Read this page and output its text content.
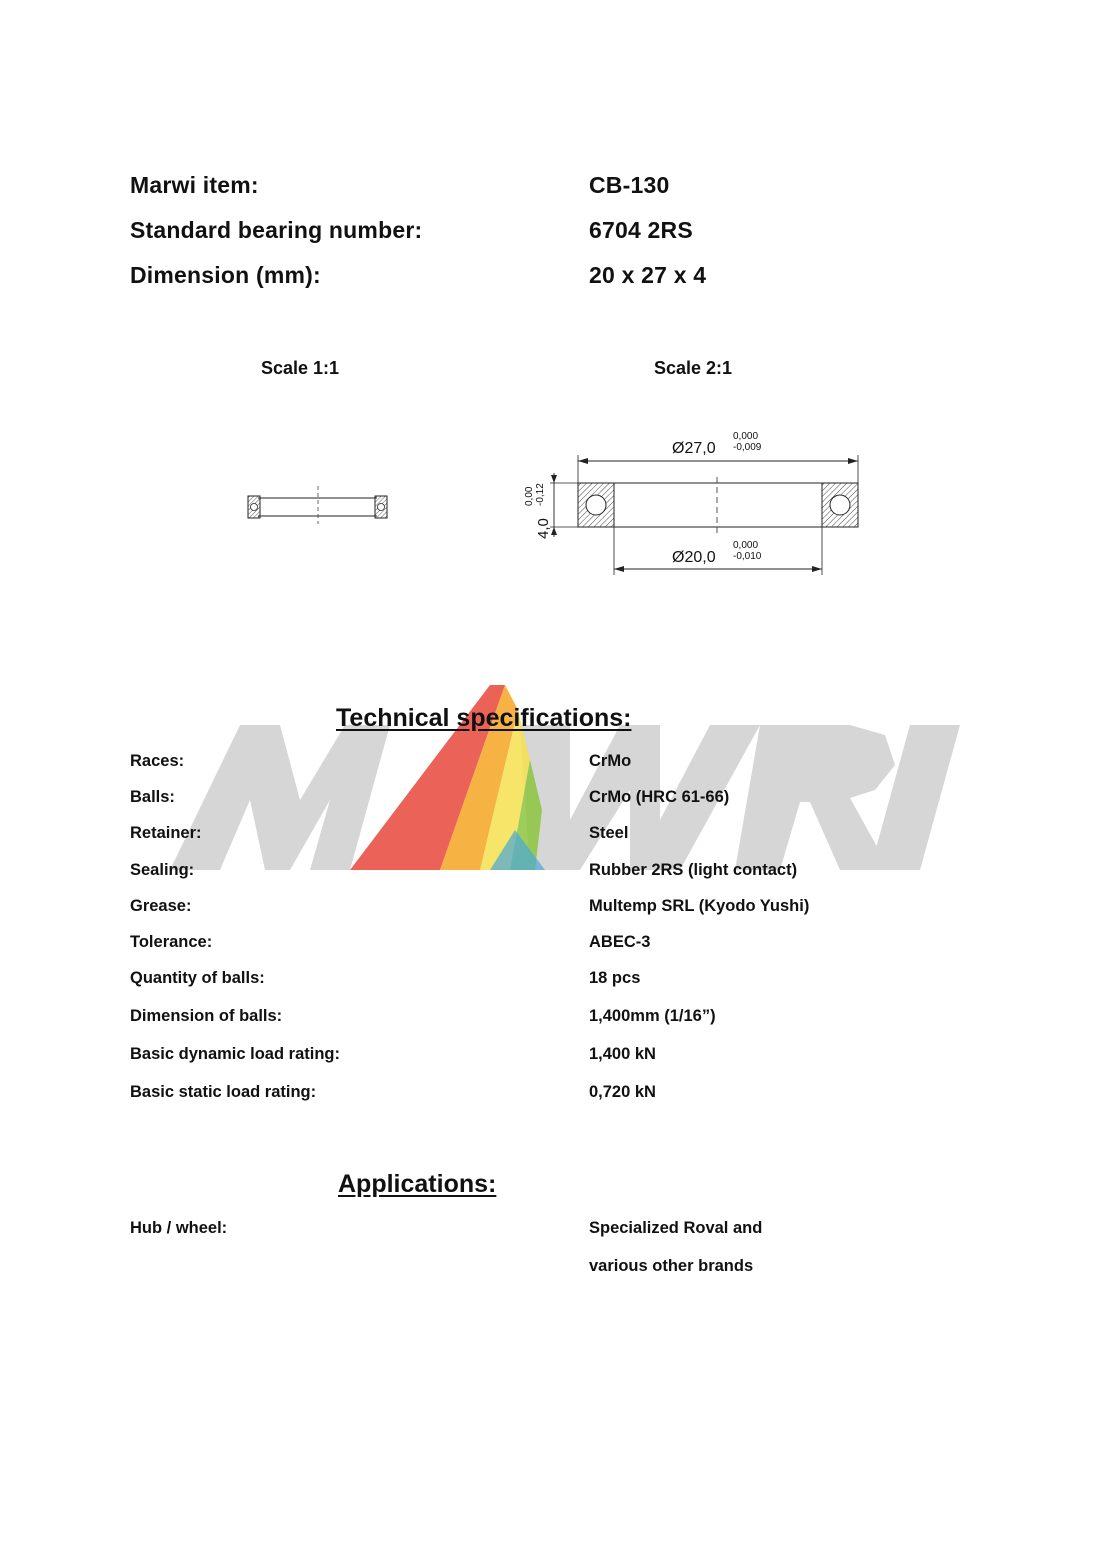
Marwi item:	CB-130
Standard bearing number:	6704 2RS
Dimension (mm):	20 x 27 x 4
Scale 1:1	Scale 2:1
Ø27,0
0,000
-0,009
Ø20,0
0,000
-0,010
4,0
0,00 -0,12
Technical specifications:
Races:	CrMo
Balls:	CrMo (HRC 61-66)
Retainer:	Steel
Sealing:	Rubber 2RS (light contact)
Grease:	Multemp SRL (Kyodo Yushi)
Tolerance:	ABEC-3
Quantity of balls:	18 pcs
Dimension of balls:	1,400mm (1/16”)
Basic dynamic load rating:	1,400 kN
Basic static load rating:	0,720 kN
Applications:
Hub / wheel:	Specialized Roval and
various other brands
